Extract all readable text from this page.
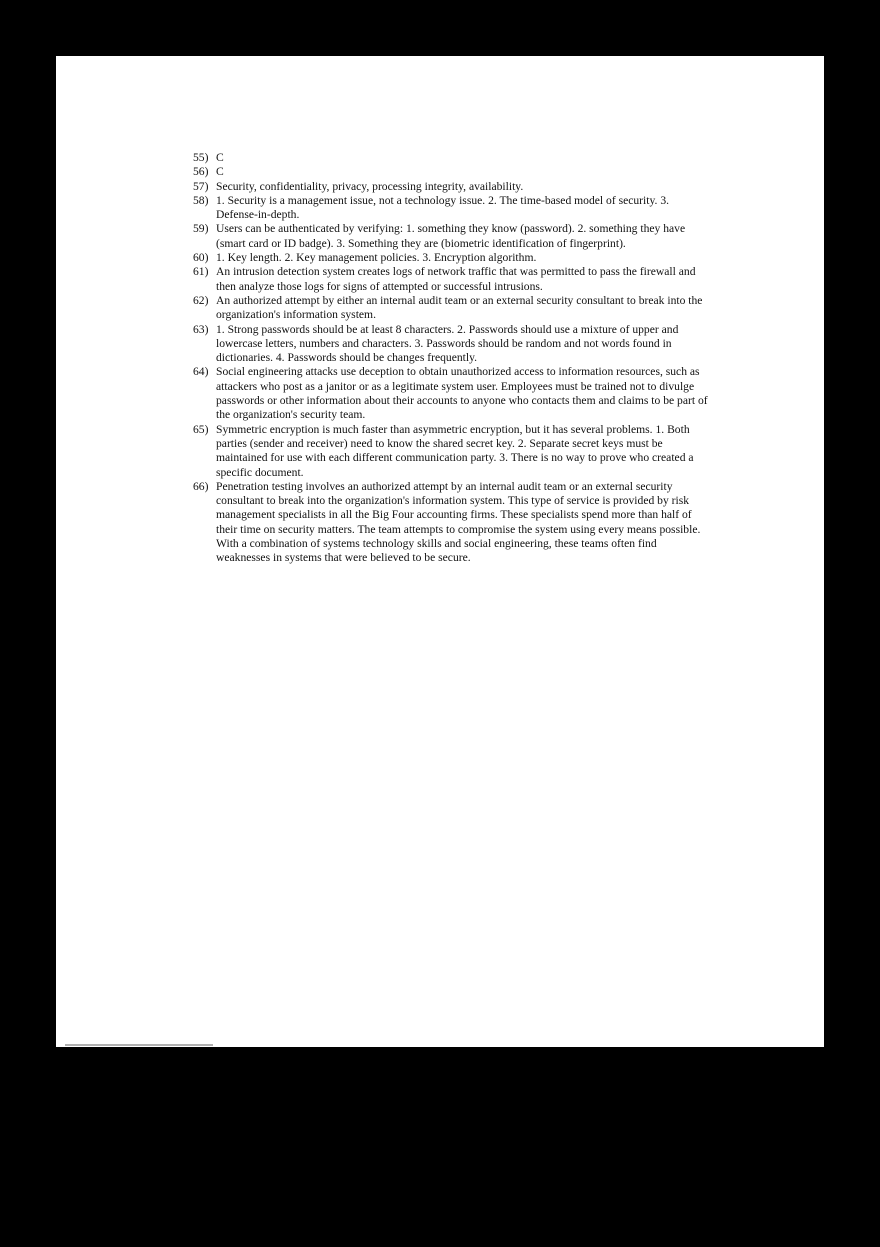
55) C
56) C
57) Security, confidentiality, privacy, processing integrity, availability.
58) 1. Security is a management issue, not a technology issue. 2. The time-based model of security. 3. Defense-in-depth.
59) Users can be authenticated by verifying: 1. something they know (password). 2. something they have (smart card or ID badge). 3. Something they are (biometric identification of fingerprint).
60) 1. Key length. 2. Key management policies. 3. Encryption algorithm.
61) An intrusion detection system creates logs of network traffic that was permitted to pass the firewall and then analyze those logs for signs of attempted or successful intrusions.
62) An authorized attempt by either an internal audit team or an external security consultant to break into the organization's information system.
63) 1. Strong passwords should be at least 8 characters. 2. Passwords should use a mixture of upper and lowercase letters, numbers and characters. 3. Passwords should be random and not words found in dictionaries. 4. Passwords should be changes frequently.
64) Social engineering attacks use deception to obtain unauthorized access to information resources, such as attackers who post as a janitor or as a legitimate system user. Employees must be trained not to divulge passwords or other information about their accounts to anyone who contacts them and claims to be part of the organization's security team.
65) Symmetric encryption is much faster than asymmetric encryption, but it has several problems. 1. Both parties (sender and receiver) need to know the shared secret key. 2. Separate secret keys must be maintained for use with each different communication party. 3. There is no way to prove who created a specific document.
66) Penetration testing involves an authorized attempt by an internal audit team or an external security consultant to break into the organization's information system. This type of service is provided by risk management specialists in all the Big Four accounting firms. These specialists spend more than half of their time on security matters. The team attempts to compromise the system using every means possible. With a combination of systems technology skills and social engineering, these teams often find weaknesses in systems that were believed to be secure.
